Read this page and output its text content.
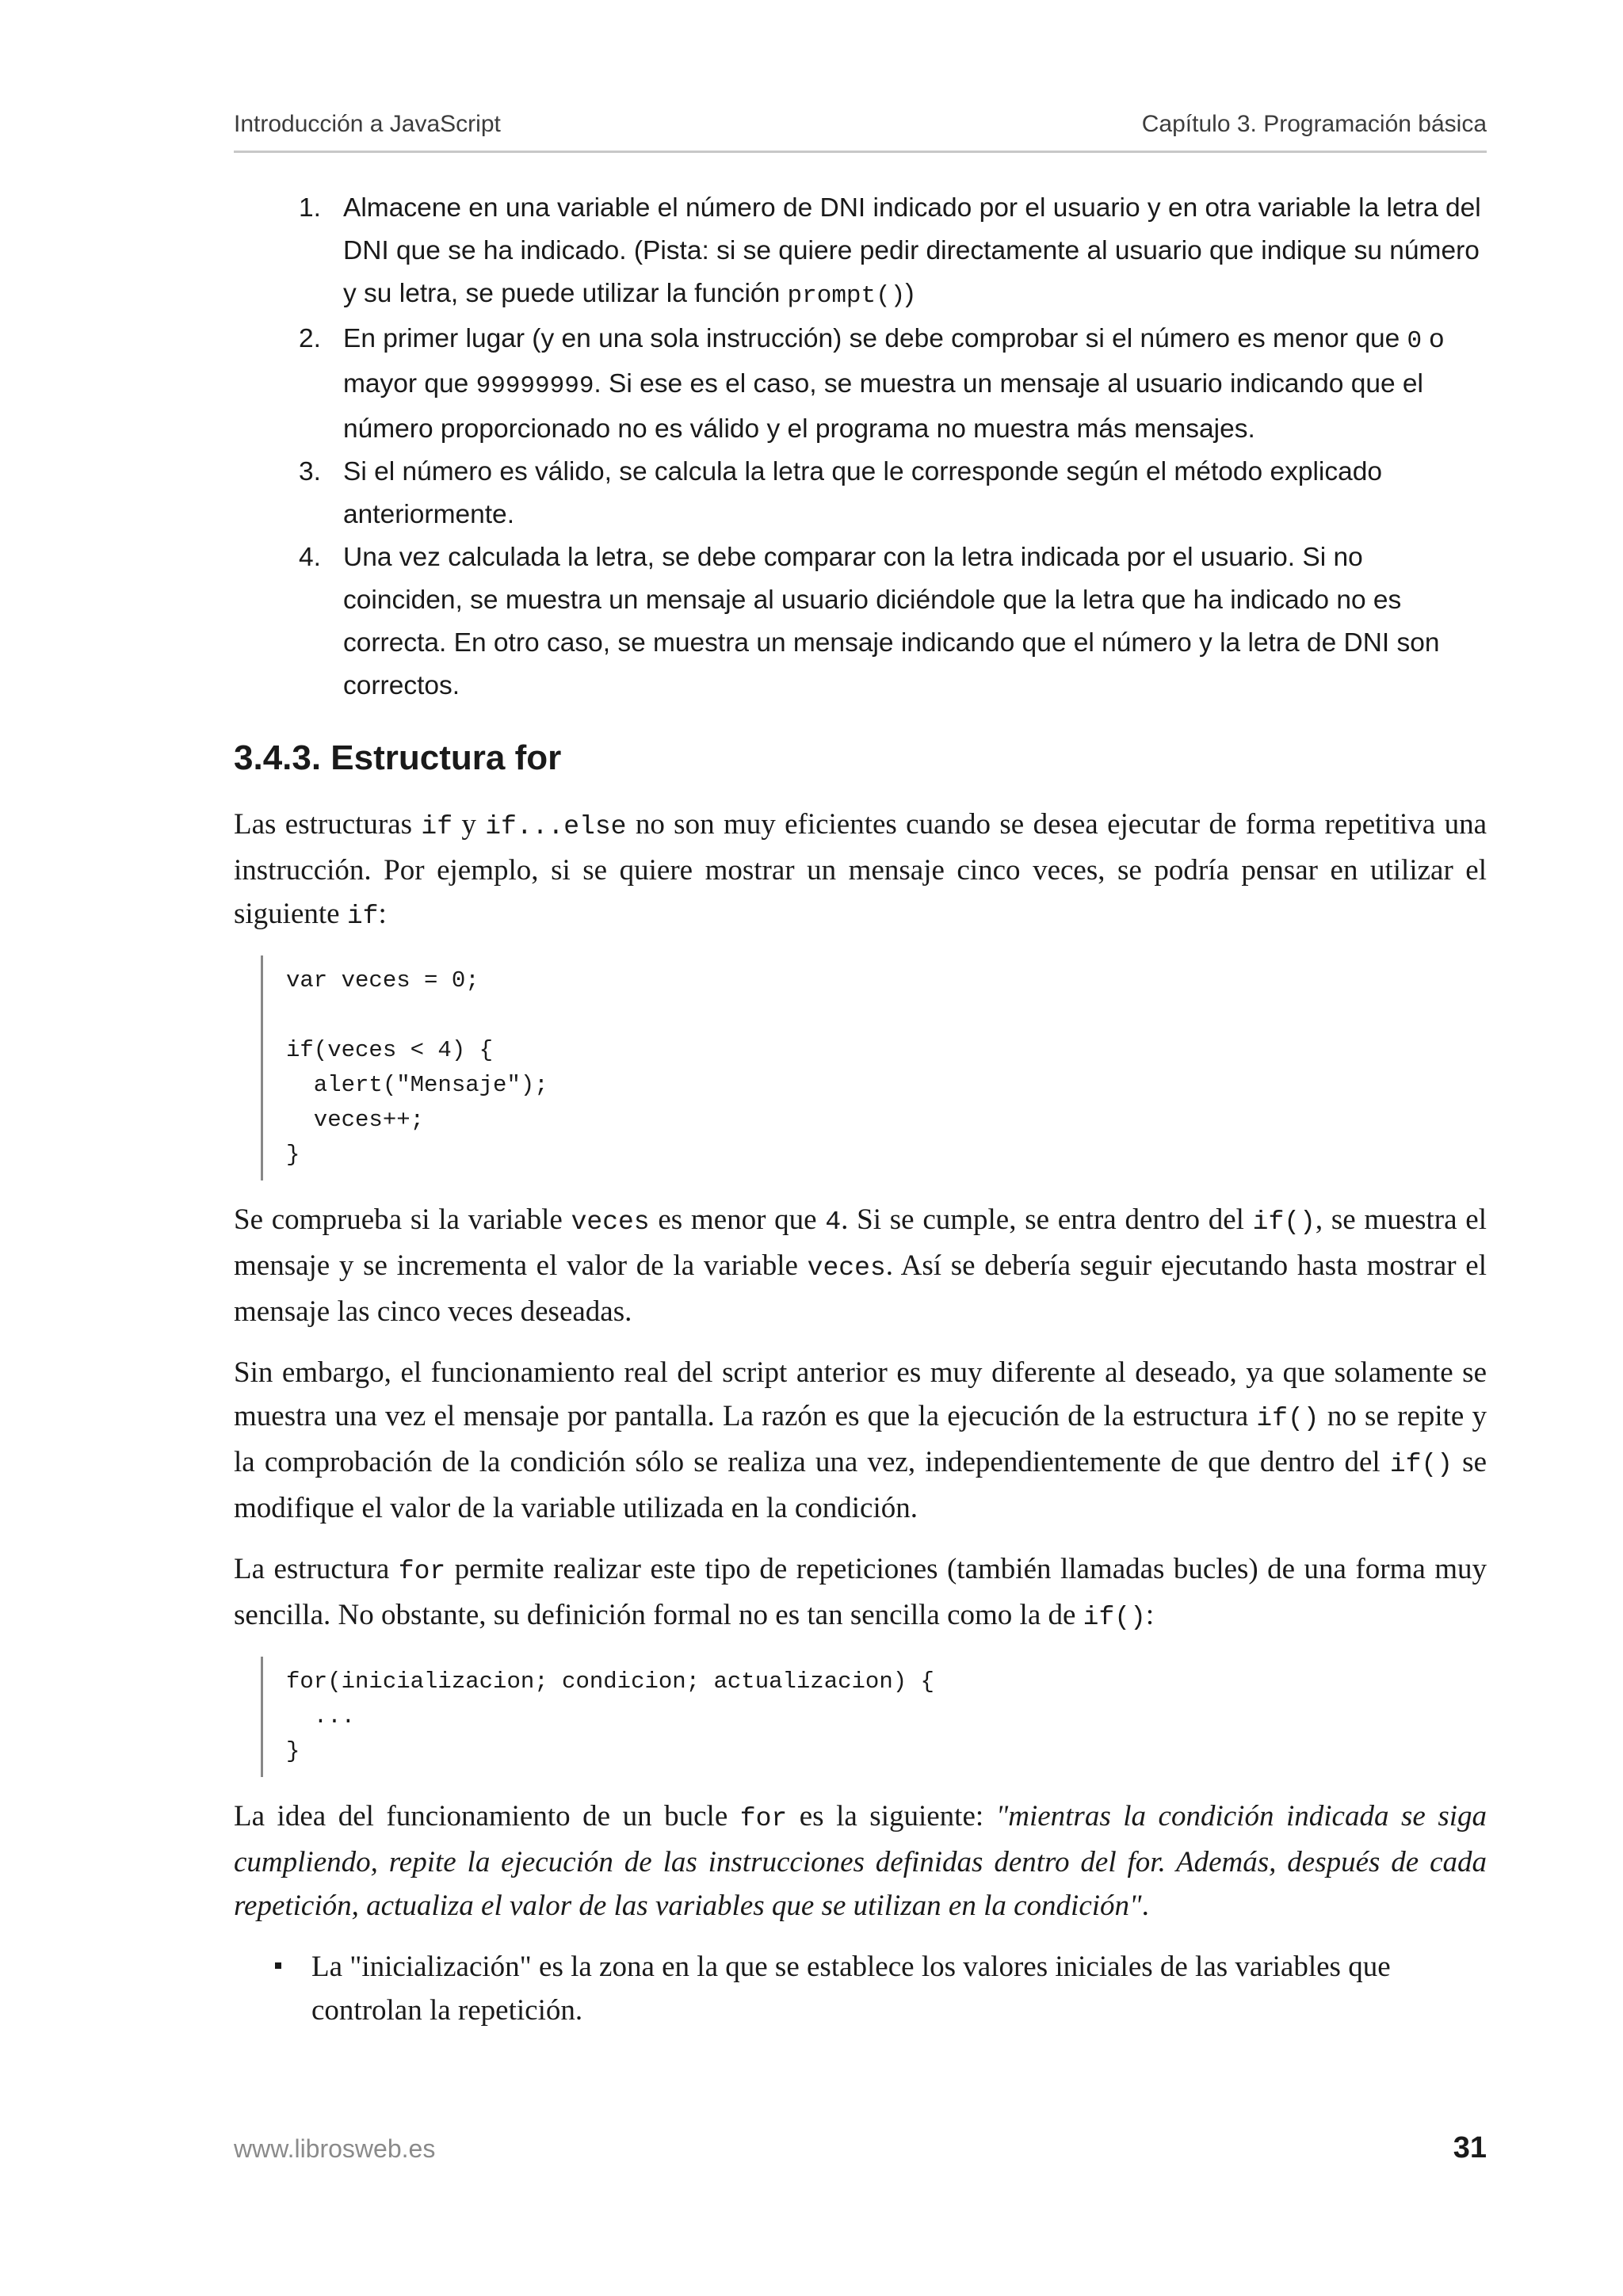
Introducción a JavaScript	Capítulo 3. Programación básica
1. Almacene en una variable el número de DNI indicado por el usuario y en otra variable la letra del DNI que se ha indicado. (Pista: si se quiere pedir directamente al usuario que indique su número y su letra, se puede utilizar la función prompt())
2. En primer lugar (y en una sola instrucción) se debe comprobar si el número es menor que 0 o mayor que 99999999. Si ese es el caso, se muestra un mensaje al usuario indicando que el número proporcionado no es válido y el programa no muestra más mensajes.
3. Si el número es válido, se calcula la letra que le corresponde según el método explicado anteriormente.
4. Una vez calculada la letra, se debe comparar con la letra indicada por el usuario. Si no coinciden, se muestra un mensaje al usuario diciéndole que la letra que ha indicado no es correcta. En otro caso, se muestra un mensaje indicando que el número y la letra de DNI son correctos.
3.4.3. Estructura for

Las estructuras if y if...else no son muy eficientes cuando se desea ejecutar de forma repetitiva una instrucción. Por ejemplo, si se quiere mostrar un mensaje cinco veces, se podría pensar en utilizar el siguiente if:

var veces = 0;

if(veces < 4) {
alert("Mensaje");
veces++;
}

Se comprueba si la variable veces es menor que 4. Si se cumple, se entra dentro del if(), se muestra el mensaje y se incrementa el valor de la variable veces. Así se debería seguir ejecutando hasta mostrar el mensaje las cinco veces deseadas.

Sin embargo, el funcionamiento real del script anterior es muy diferente al deseado, ya que solamente se muestra una vez el mensaje por pantalla. La razón es que la ejecución de la estructura if() no se repite y la comprobación de la condición sólo se realiza una vez, independientemente de que dentro del if() se modifique el valor de la variable utilizada en la condición.

La estructura for permite realizar este tipo de repeticiones (también llamadas bucles) de una forma muy sencilla. No obstante, su definición formal no es tan sencilla como la de if():

for(inicializacion; condicion; actualizacion) {
...
}

La idea del funcionamiento de un bucle for es la siguiente: "mientras la condición indicada se siga cumpliendo, repite la ejecución de las instrucciones definidas dentro del for. Además, después de cada repetición, actualiza el valor de las variables que se utilizan en la condición".

La "inicialización" es la zona en la que se establece los valores iniciales de las variables que controlan la repetición.
www.librosweb.es	31
